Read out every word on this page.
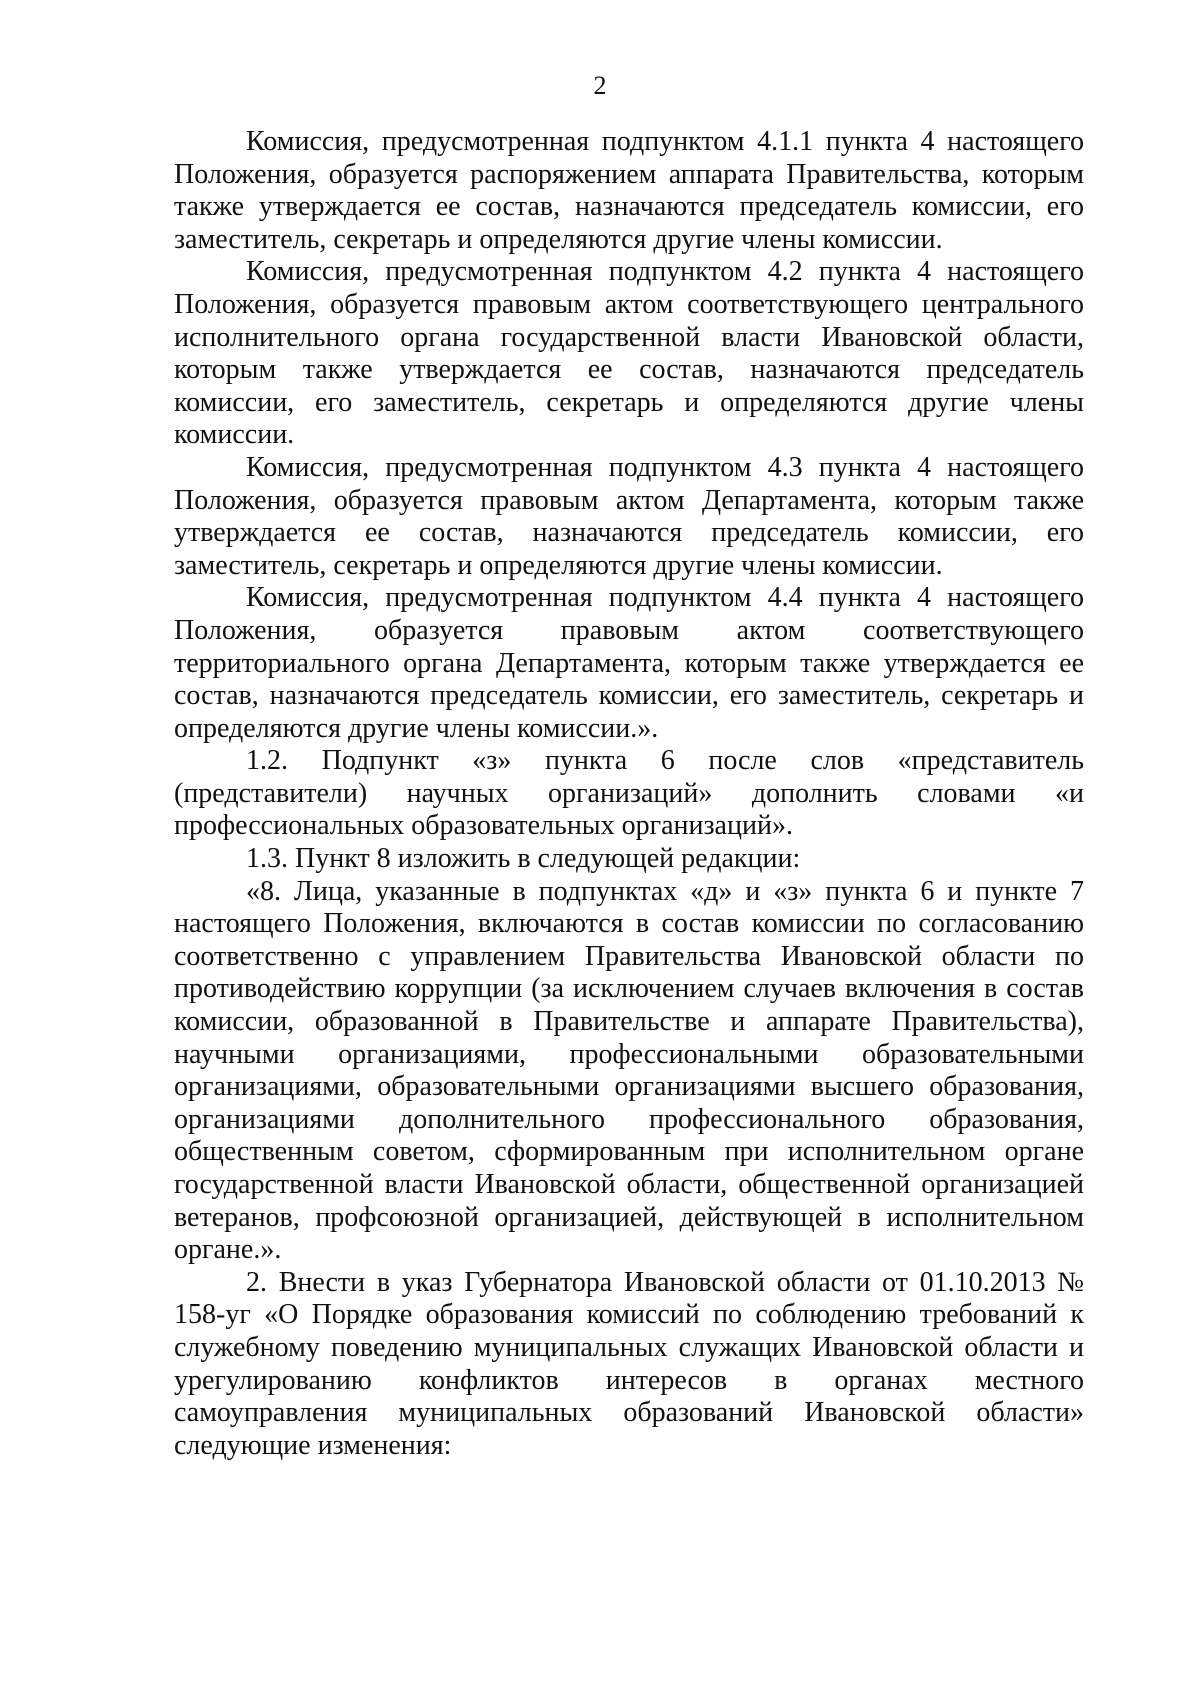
2

Комиссия, предусмотренная подпунктом 4.1.1 пункта 4 настоящего Положения, образуется распоряжением аппарата Правительства, которым также утверждается ее состав, назначаются председатель комиссии, его заместитель, секретарь и определяются другие члены комиссии.

Комиссия, предусмотренная подпунктом 4.2 пункта 4 настоящего Положения, образуется правовым актом соответствующего центрального исполнительного органа государственной власти Ивановской области, которым также утверждается ее состав, назначаются председатель комиссии, его заместитель, секретарь и определяются другие члены комиссии.

Комиссия, предусмотренная подпунктом 4.3 пункта 4 настоящего Положения, образуется правовым актом Департамента, которым также утверждается ее состав, назначаются председатель комиссии, его заместитель, секретарь и определяются другие члены комиссии.

Комиссия, предусмотренная подпунктом 4.4 пункта 4 настоящего Положения, образуется правовым актом соответствующего территориального органа Департамента, которым также утверждается ее состав, назначаются председатель комиссии, его заместитель, секретарь и определяются другие члены комиссии.».

1.2. Подпункт «з» пункта 6 после слов «представитель (представители) научных организаций» дополнить словами «и профессиональных образовательных организаций».

1.3. Пункт 8 изложить в следующей редакции:

«8. Лица, указанные в подпунктах «д» и «з» пункта 6 и пункте 7 настоящего Положения, включаются в состав комиссии по согласованию соответственно с управлением Правительства Ивановской области по противодействию коррупции (за исключением случаев включения в состав комиссии, образованной в Правительстве и аппарате Правительства), научными организациями, профессиональными образовательными организациями, образовательными организациями высшего образования, организациями дополнительного профессионального образования, общественным советом, сформированным при исполнительном органе государственной власти Ивановской области, общественной организацией ветеранов, профсоюзной организацией, действующей в исполнительном органе.».

2. Внести в указ Губернатора Ивановской области от 01.10.2013 № 158-уг «О Порядке образования комиссий по соблюдению требований к служебному поведению муниципальных служащих Ивановской области и урегулированию конфликтов интересов в органах местного самоуправления муниципальных образований Ивановской области» следующие изменения:
